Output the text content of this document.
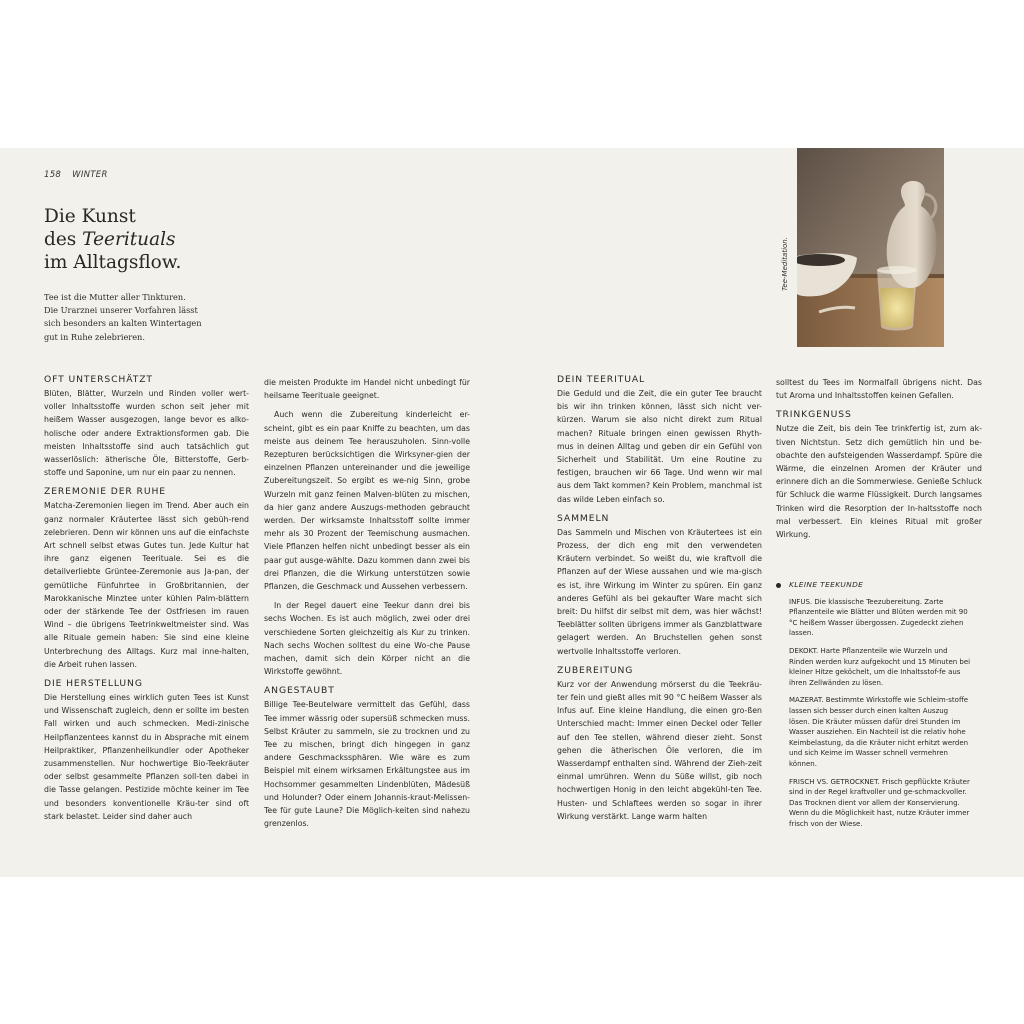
158 WINTER
Die Kunst
des Teerituals
im Alltagsflow.
Tee ist die Mutter aller Tinkturen.
Die Urarznei unserer Vorfahren lässt
sich besonders an kalten Wintertagen
gut in Ruhe zelebrieren.
OFT UNTERSCHÄTZT

Blüten, Blätter, Wurzeln und Rinden voller wert-voller Inhaltsstoffe wurden schon seit jeher mit heißem Wasser ausgezogen, lange bevor es alko-holische oder andere Extraktionsformen gab. Die meisten Inhaltsstoffe sind auch tatsächlich gut wasserlöslich: ätherische Öle, Bitterstoffe, Gerb-stoffe und Saponine, um nur ein paar zu nennen.

ZEREMONIE DER RUHE

Matcha-Zeremonien liegen im Trend. Aber auch ein ganz normaler Kräutertee lässt sich gebüh-rend zelebrieren. Denn wir können uns auf die einfachste Art schnell selbst etwas Gutes tun. Jede Kultur hat ihre ganz eigenen Teerituale. Sei es die detailverliebte Grüntee-Zeremonie aus Ja-pan, der gemütliche Fünfuhrtee in Großbritannien, der Marokkanische Minztee unter kühlen Palm-blättern oder der stärkende Tee der Ostfriesen im rauen Wind – die übrigens Teetrinkweltmeister sind. Was alle Rituale gemein haben: Sie sind eine kleine Unterbrechung des Alltags. Kurz mal inne-halten, die Arbeit ruhen lassen.

DIE HERSTELLUNG

Die Herstellung eines wirklich guten Tees ist Kunst und Wissenschaft zugleich, denn er sollte im besten Fall wirken und auch schmecken. Medi-zinische Heilpflanzentees kannst du in Absprache mit einem Heilpraktiker, Pflanzenheilkundler oder Apotheker zusammenstellen. Nur hochwertige Bio-Teekräuter oder selbst gesammelte Pflanzen soll-ten dabei in die Tasse gelangen. Pestizide möchte keiner im Tee und besonders konventionelle Kräu-ter sind oft stark belastet. Leider sind daher auch

die meisten Produkte im Handel nicht unbedingt für heilsame Teerituale geeignet.

Auch wenn die Zubereitung kinderleicht er-scheint, gibt es ein paar Kniffe zu beachten, um das meiste aus deinem Tee herauszuholen. Sinn-volle Rezepturen berücksichtigen die Wirksyner-gien der einzelnen Pflanzen untereinander und die jeweilige Zubereitungszeit. So ergibt es we-nig Sinn, grobe Wurzeln mit ganz feinen Malven-blüten zu mischen, da hier ganz andere Auszugs-methoden gebraucht werden. Der wirksamste Inhaltsstoff sollte immer mehr als 30 Prozent der Teemischung ausmachen. Viele Pflanzen helfen nicht unbedingt besser als ein paar gut ausge-wählte. Dazu kommen dann zwei bis drei Pflanzen, die die Wirkung unterstützen sowie Pflanzen, die Geschmack und Aussehen verbessern.

In der Regel dauert eine Teekur dann drei bis sechs Wochen. Es ist auch möglich, zwei oder drei verschiedene Sorten gleichzeitig als Kur zu trinken. Nach sechs Wochen solltest du eine Wo-che Pause machen, damit sich dein Körper nicht an die Wirkstoffe gewöhnt.

ANGESTAUBT

Billige Tee-Beutelware vermittelt das Gefühl, dass Tee immer wässrig oder supersüß schmecken muss. Selbst Kräuter zu sammeln, sie zu trocknen und zu Tee zu mischen, bringt dich hingegen in ganz andere Geschmackssphären. Wie wäre es zum Beispiel mit einem wirksamen Erkältungstee aus im Hochsommer gesammelten Lindenblüten, Mädesüß und Holunder? Oder einem Johannis-kraut-Melissen-Tee für gute Laune? Die Möglich-keiten sind nahezu grenzenlos.

DEIN TEERITUAL

Die Geduld und die Zeit, die ein guter Tee braucht bis wir ihn trinken können, lässt sich nicht ver-kürzen. Warum sie also nicht direkt zum Ritual machen? Rituale bringen einen gewissen Rhyth-mus in deinen Alltag und geben dir ein Gefühl von Sicherheit und Stabilität. Um eine Routine zu festigen, brauchen wir 66 Tage. Und wenn wir mal aus dem Takt kommen? Kein Problem, manchmal ist das wilde Leben einfach so.

SAMMELN

Das Sammeln und Mischen von Kräutertees ist ein Prozess, der dich eng mit den verwendeten Kräutern verbindet. So weißt du, wie kraftvoll die Pflanzen auf der Wiese aussahen und wie ma-gisch es ist, ihre Wirkung im Winter zu spüren. Ein ganz anderes Gefühl als bei gekaufter Ware macht sich breit: Du hilfst dir selbst mit dem, was hier wächst! Teeblätter sollten übrigens immer als Ganzblattware gelagert werden. An Bruchstellen gehen sonst wertvolle Inhaltsstoffe verloren.

ZUBEREITUNG

Kurz vor der Anwendung mörserst du die Teekräu-ter fein und gießt alles mit 90 °C heißem Wasser als Infus auf. Eine kleine Handlung, die einen gro-ßen Unterschied macht: Immer einen Deckel oder Teller auf den Tee stellen, während dieser zieht. Sonst gehen die ätherischen Öle verloren, die im Wasserdampf enthalten sind. Während der Zieh-zeit einmal umrühren. Wenn du Süße willst, gib noch hochwertigen Honig in den leicht abgekühl-ten Tee. Husten- und Schlaftees werden so sogar in ihrer Wirkung verstärkt. Lange warm halten

solltest du Tees im Normalfall übrigens nicht. Das tut Aroma und Inhaltsstoffen keinen Gefallen.

TRINKGENUSS

Nutze die Zeit, bis dein Tee trinkfertig ist, zum ak-tiven Nichtstun. Setz dich gemütlich hin und be-obachte den aufsteigenden Wasserdampf. Spüre die Wärme, die einzelnen Aromen der Kräuter und erinnere dich an die Sommerwiese. Genieße Schluck für Schluck die warme Flüssigkeit. Durch langsames Trinken wird die Resorption der In-haltsstoffe noch mal verbessert. Ein kleines Ritual mit großer Wirkung.

Tee-Meditation.
KLEINE TEEKUNDE

INFUS. Die klassische Teezubereitung. Zarte Pflanzenteile wie Blätter und Blüten werden mit 90 °C heißem Wasser übergossen. Zugedeckt ziehen lassen.

DEKOKT. Harte Pflanzenteile wie Wurzeln und Rinden werden kurz aufgekocht und 15 Minuten bei kleiner Hitze geköchelt, um die Inhaltsstof-fe aus ihren Zellwänden zu lösen.

MAZERAT. Bestimmte Wirkstoffe wie Schleim-stoffe lassen sich besser durch einen kalten Auszug lösen. Die Kräuter müssen dafür drei Stunden im Wasser ausziehen. Ein Nachteil ist die relativ hohe Keimbelastung, da die Kräuter nicht erhitzt werden und sich Keime im Wasser schnell vermehren können.

FRISCH VS. GETROCKNET. Frisch gepflückte Kräuter sind in der Regel kraftvoller und ge-schmackvoller. Das Trocknen dient vor allem der Konservierung. Wenn du die Möglichkeit hast, nutze Kräuter immer frisch von der Wiese.
